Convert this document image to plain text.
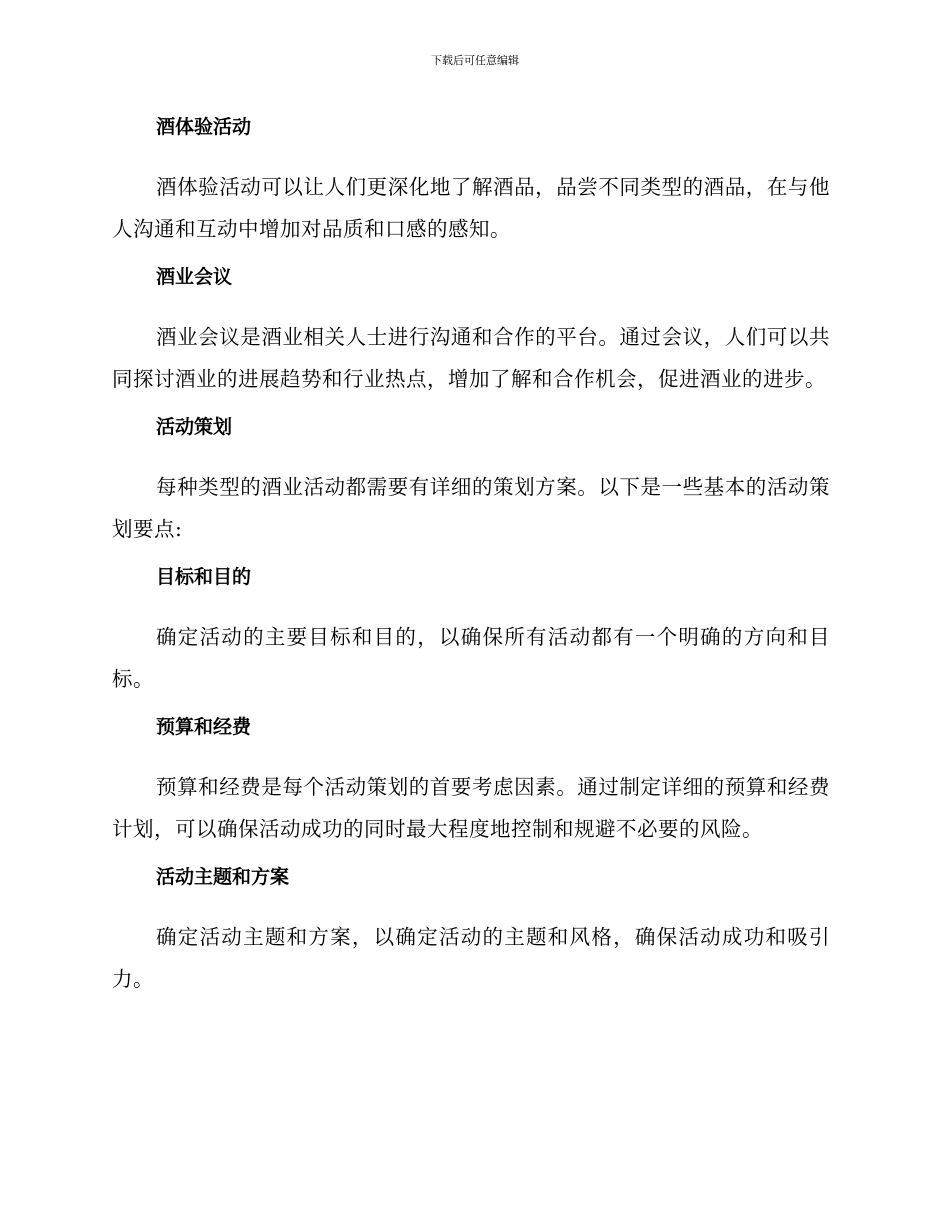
下载后可任意编辑
酒体验活动

酒体验活动可以让人们更深化地了解酒品，品尝不同类型的酒品，在与他人沟通和互动中增加对品质和口感的感知。

酒业会议

酒业会议是酒业相关人士进行沟通和合作的平台。通过会议，人们可以共同探讨酒业的进展趋势和行业热点，增加了解和合作机会，促进酒业的进步。

活动策划

每种类型的酒业活动都需要有详细的策划方案。以下是一些基本的活动策划要点:

目标和目的

确定活动的主要目标和目的，以确保所有活动都有一个明确的方向和目标。

预算和经费

预算和经费是每个活动策划的首要考虑因素。通过制定详细的预算和经费计划，可以确保活动成功的同时最大程度地控制和规避不必要的风险。

活动主题和方案

确定活动主题和方案，以确定活动的主题和风格，确保活动成功和吸引力。
